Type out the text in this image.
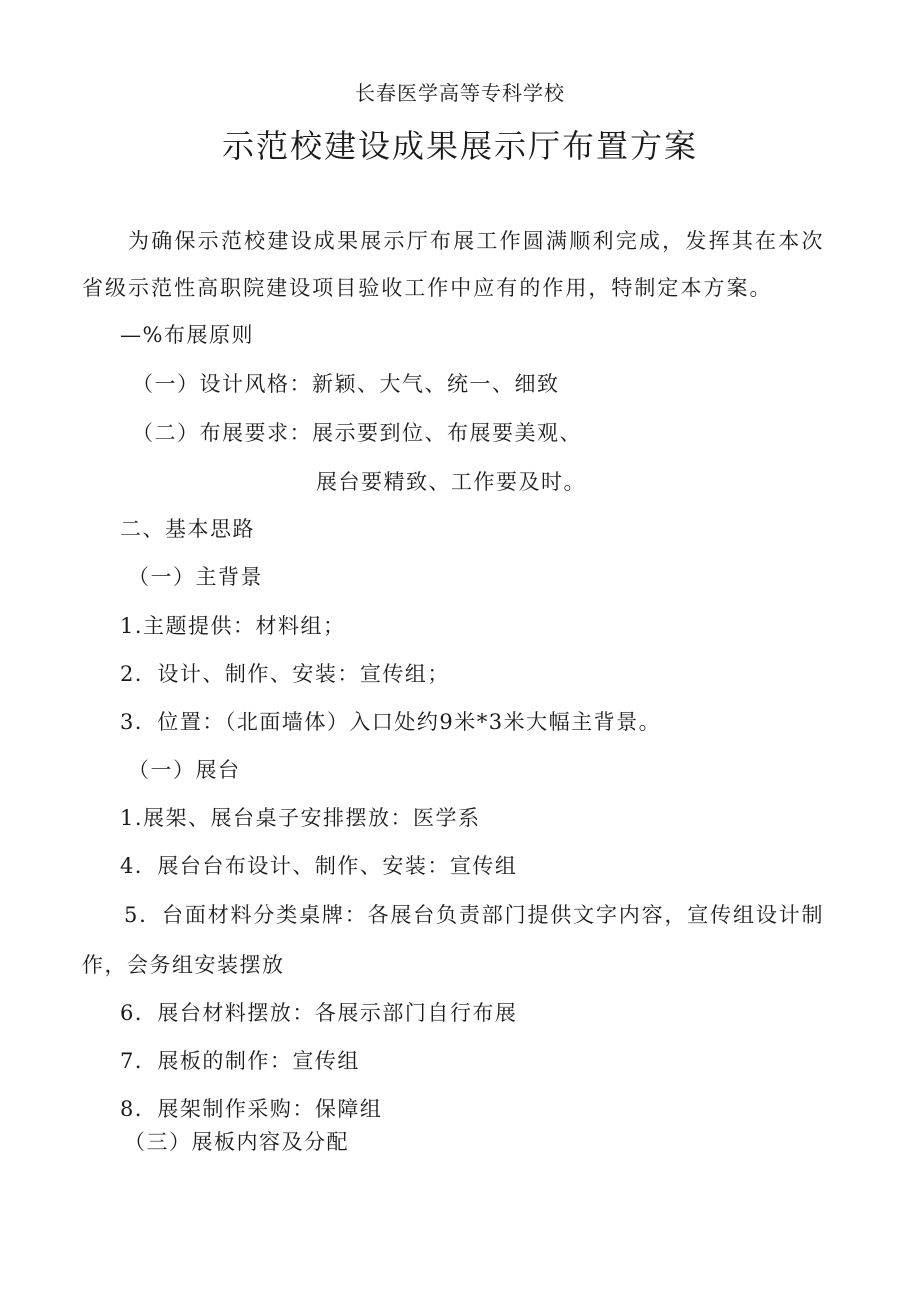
长春医学高等专科学校
示范校建设成果展示厅布置方案
为确保示范校建设成果展示厅布展工作圆满顺利完成，发挥其在本次
省级示范性高职院建设项目验收工作中应有的作用，特制定本方案。
—%布展原则
（一）设计风格：新颖、大气、统一、细致
（二）布展要求：展示要到位、布展要美观、
展台要精致、工作要及时。
二、基本思路
（一）主背景
1.主题提供：材料组；
2．设计、制作、安装：宣传组；
3．位置：（北面墙体）入口处约9米*3米大幅主背景。
（一）展台
1.展架、展台桌子安排摆放：医学系
4．展台台布设计、制作、安装：宣传组
5．台面材料分类桌牌：各展台负责部门提供文字内容，宣传组设计制
作，会务组安装摆放
6．展台材料摆放：各展示部门自行布展
7．展板的制作：宣传组
8．展架制作采购：保障组
（三）展板内容及分配
